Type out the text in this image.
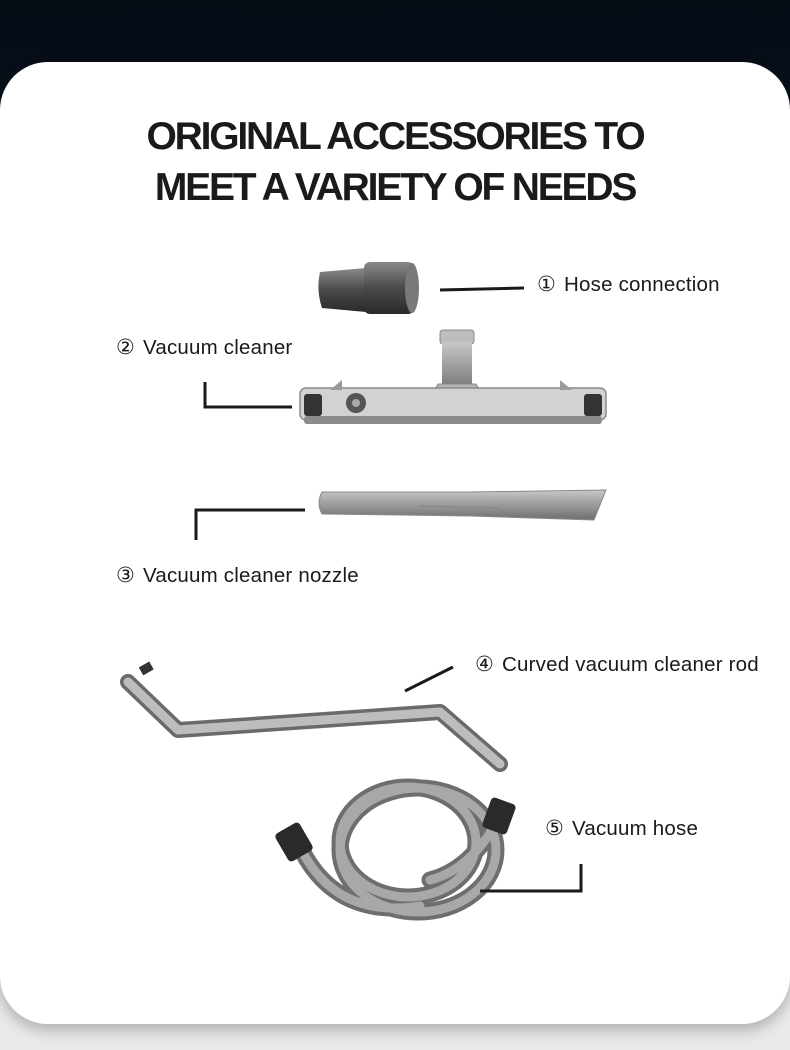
ORIGINAL ACCESSORIES TO
MEET A VARIETY OF NEEDS
① Hose connection
② Vacuum cleaner
③ Vacuum cleaner nozzle
④ Curved vacuum cleaner rod
⑤ Vacuum hose
